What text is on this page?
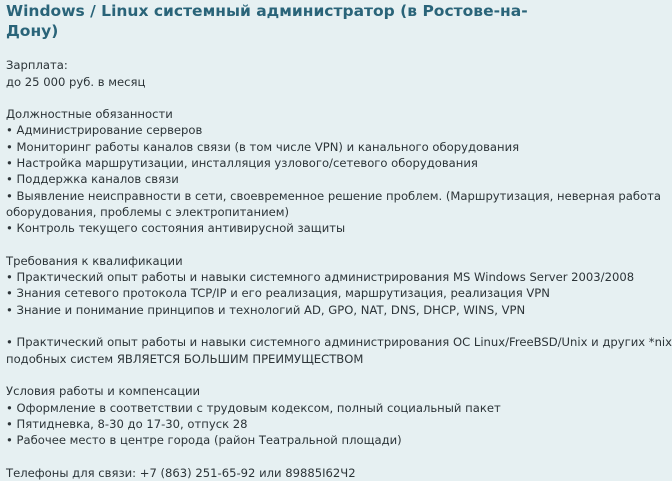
Windows / Linux системный администратор (в Ростове-на-
Дону)
Зарплата:
до 25 000 руб. в месяц
Должностные обязанности
• Администрирование серверов
• Мониторинг работы каналов связи (в том числе VPN) и канального оборудования
• Настройка маршрутизации, инсталляция узлового/сетевого оборудования
• Поддержка каналов связи
• Выявление неисправности в сети, своевременное решение проблем. (Маршрутизация, неверная работа
оборудования, проблемы с электропитанием)
• Контроль текущего состояния антивирусной защиты
Требования к квалификации
• Практический опыт работы и навыки системного администрирования MS Windows Server 2003/2008
• Знания сетевого протокола TCP/IP и его реализация, маршрутизация, реализация VPN
• Знание и понимание принципов и технологий AD, GPO, NAT, DNS, DHCP, WINS, VPN
• Практический опыт работы и навыки системного администрирования ОС Linux/FreeBSD/Unix и других *nix
подобных систем ЯВЛЯЕТСЯ БОЛЬШИМ ПРЕИМУЩЕСТВОМ
Условия работы и компенсации
• Оформление в соответствии с трудовым кодексом, полный социальный пакет
• Пятидневка, 8-30 до 17-30, отпуск 28
• Рабочее место в центре города (район Театральной площади)
Телефоны для связи: +7 (863) 251-65-92 или 89885I62Ч2
